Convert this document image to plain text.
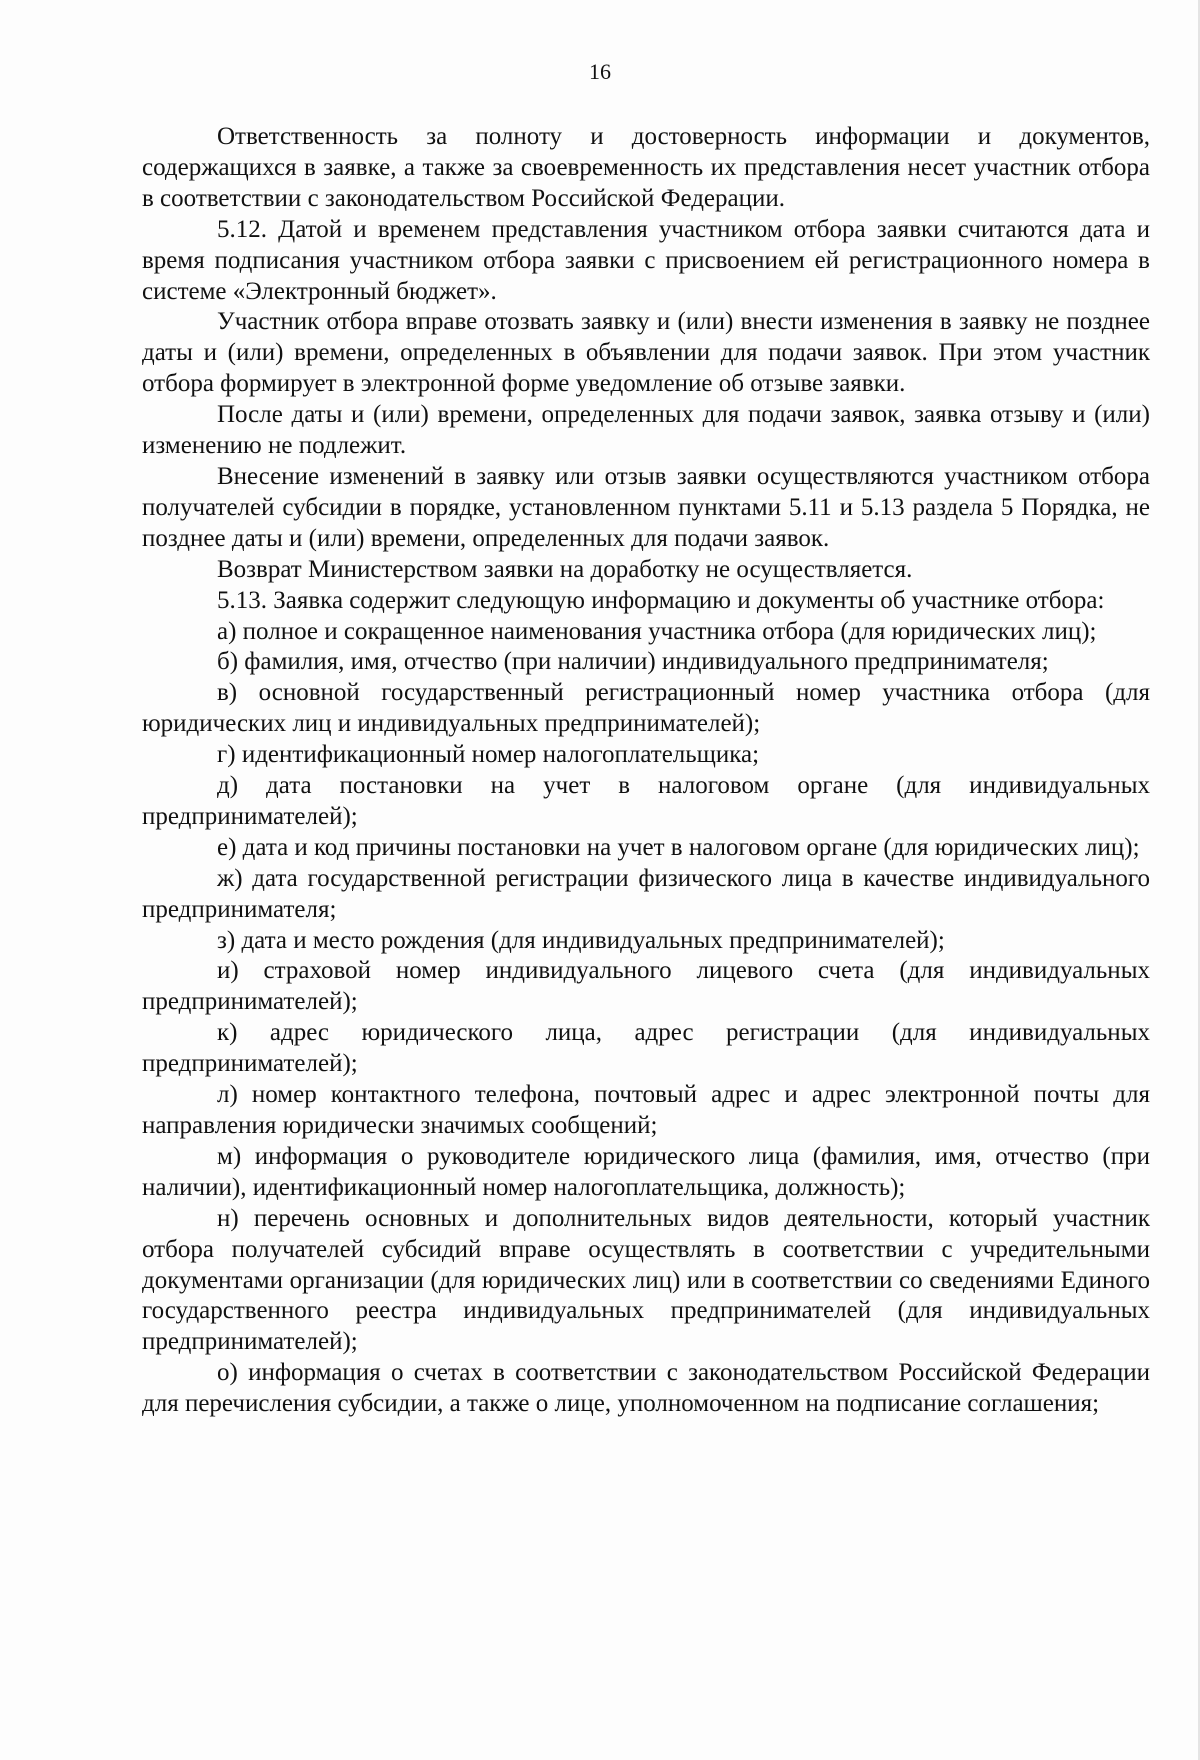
16

Ответственность за полноту и достоверность информации и документов, содержащихся в заявке, а также за своевременность их представления несет участник отбора в соответствии с законодательством Российской Федерации.

5.12. Датой и временем представления участником отбора заявки считаются дата и время подписания участником отбора заявки с присвоением ей регистрационного номера в системе «Электронный бюджет».

Участник отбора вправе отозвать заявку и (или) внести изменения в заявку не позднее даты и (или) времени, определенных в объявлении для подачи заявок. При этом участник отбора формирует в электронной форме уведомление об отзыве заявки.

После даты и (или) времени, определенных для подачи заявок, заявка отзыву и (или) изменению не подлежит.

Внесение изменений в заявку или отзыв заявки осуществляются участником отбора получателей субсидии в порядке, установленном пунктами 5.11 и 5.13 раздела 5 Порядка, не позднее даты и (или) времени, определенных для подачи заявок.

Возврат Министерством заявки на доработку не осуществляется.

5.13. Заявка содержит следующую информацию и документы об участнике отбора:

а) полное и сокращенное наименования участника отбора (для юридических лиц);

б) фамилия, имя, отчество (при наличии) индивидуального предпринимателя;

в) основной государственный регистрационный номер участника отбора (для юридических лиц и индивидуальных предпринимателей);

г) идентификационный номер налогоплательщика;

д) дата постановки на учет в налоговом органе (для индивидуальных предпринимателей);

е) дата и код причины постановки на учет в налоговом органе (для юридических лиц);

ж) дата государственной регистрации физического лица в качестве индивидуального предпринимателя;

з) дата и место рождения (для индивидуальных предпринимателей);

и) страховой номер индивидуального лицевого счета (для индивидуальных предпринимателей);

к) адрес юридического лица, адрес регистрации (для индивидуальных предпринимателей);

л) номер контактного телефона, почтовый адрес и адрес электронной почты для направления юридически значимых сообщений;

м) информация о руководителе юридического лица (фамилия, имя, отчество (при наличии), идентификационный номер налогоплательщика, должность);

н) перечень основных и дополнительных видов деятельности, который участник отбора получателей субсидий вправе осуществлять в соответствии с учредительными документами организации (для юридических лиц) или в соответствии со сведениями Единого государственного реестра индивидуальных предпринимателей (для индивидуальных предпринимателей);

о) информация о счетах в соответствии с законодательством Российской Федерации для перечисления субсидии, а также о лице, уполномоченном на подписание соглашения;
